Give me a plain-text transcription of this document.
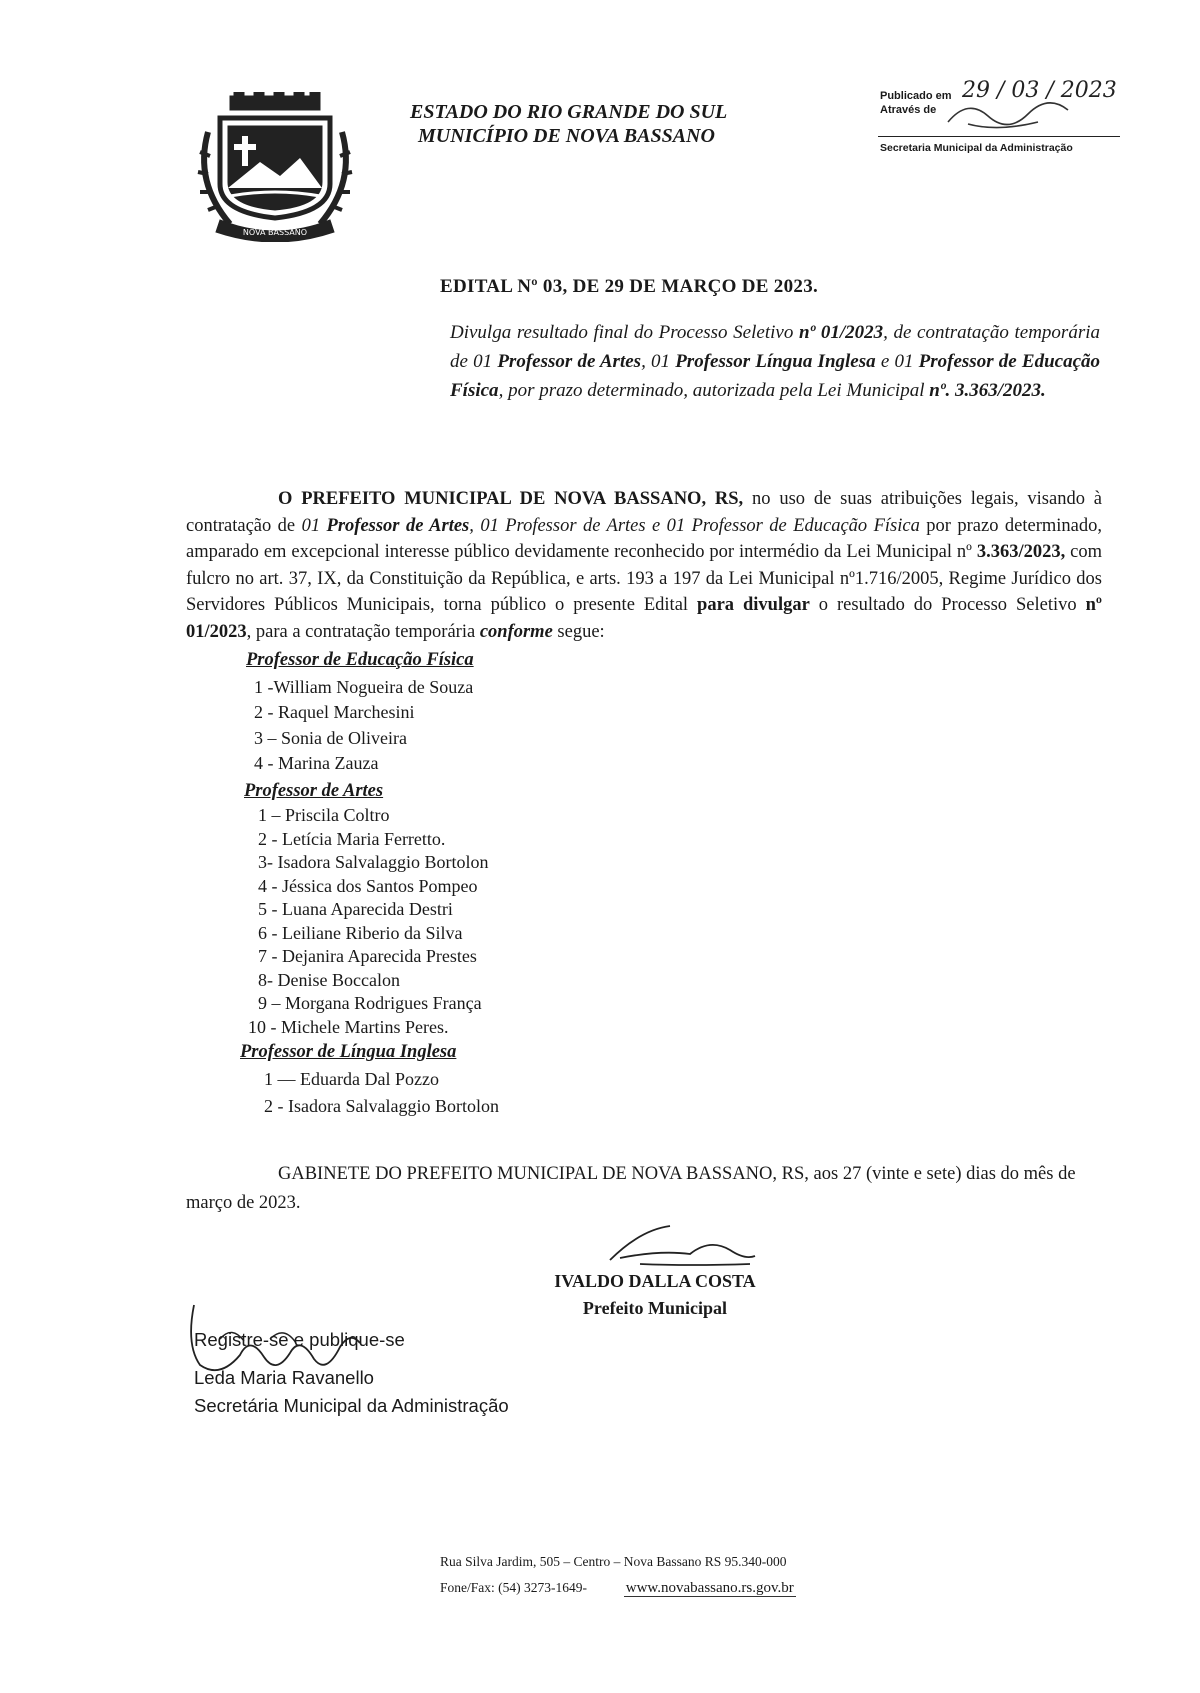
NOVA BASSANO
ESTADO DO RIO GRANDE DO SUL
MUNICÍPIO DE NOVA BASSANO
Publicado em
Através de
29 / 03 / 2023
Secretaria Municipal da Administração
EDITAL Nº 03, DE 29 DE MARÇO DE 2023.
Divulga resultado final do Processo Seletivo nº 01/2023, de contratação temporária de 01 Professor de Artes, 01 Professor Língua Inglesa e 01 Professor de Educação Física, por prazo determinado, autorizada pela Lei Municipal nº. 3.363/2023.
O PREFEITO MUNICIPAL DE NOVA BASSANO, RS, no uso de suas atribuições legais, visando à contratação de 01 Professor de Artes, 01 Professor de Artes e 01 Professor de Educação Física por prazo determinado, amparado em excepcional interesse público devidamente reconhecido por intermédio da Lei Municipal nº 3.363/2023, com fulcro no art. 37, IX, da Constituição da República, e arts. 193 a 197 da Lei Municipal nº1.716/2005, Regime Jurídico dos Servidores Públicos Municipais, torna público o presente Edital para divulgar o resultado do Processo Seletivo nº 01/2023, para a contratação temporária conforme segue:
Professor de Educação Física
1 -William Nogueira de Souza
2 - Raquel Marchesini
3 – Sonia de Oliveira
4 - Marina Zauza
Professor de Artes
1 – Priscila Coltro
2 - Letícia Maria Ferretto.
3- Isadora Salvalaggio Bortolon
4 - Jéssica dos Santos Pompeo
5 - Luana Aparecida Destri
6 - Leiliane Riberio da Silva
7 - Dejanira Aparecida Prestes
8- Denise Boccalon
9 – Morgana Rodrigues França
10 - Michele Martins Peres.
Professor de Língua Inglesa
1 — Eduarda Dal Pozzo
2 - Isadora Salvalaggio Bortolon
GABINETE DO PREFEITO MUNICIPAL DE NOVA BASSANO, RS, aos 27 (vinte e sete) dias do mês de março de 2023.
IVALDO DALLA COSTA
Prefeito Municipal
Registre-se e publique-se
Leda Maria Ravanello
Secretária Municipal da Administração
Rua Silva Jardim, 505 – Centro – Nova Bassano RS 95.340-000
Fone/Fax: (54) 3273-1649-	www.novabassano.rs.gov.br
